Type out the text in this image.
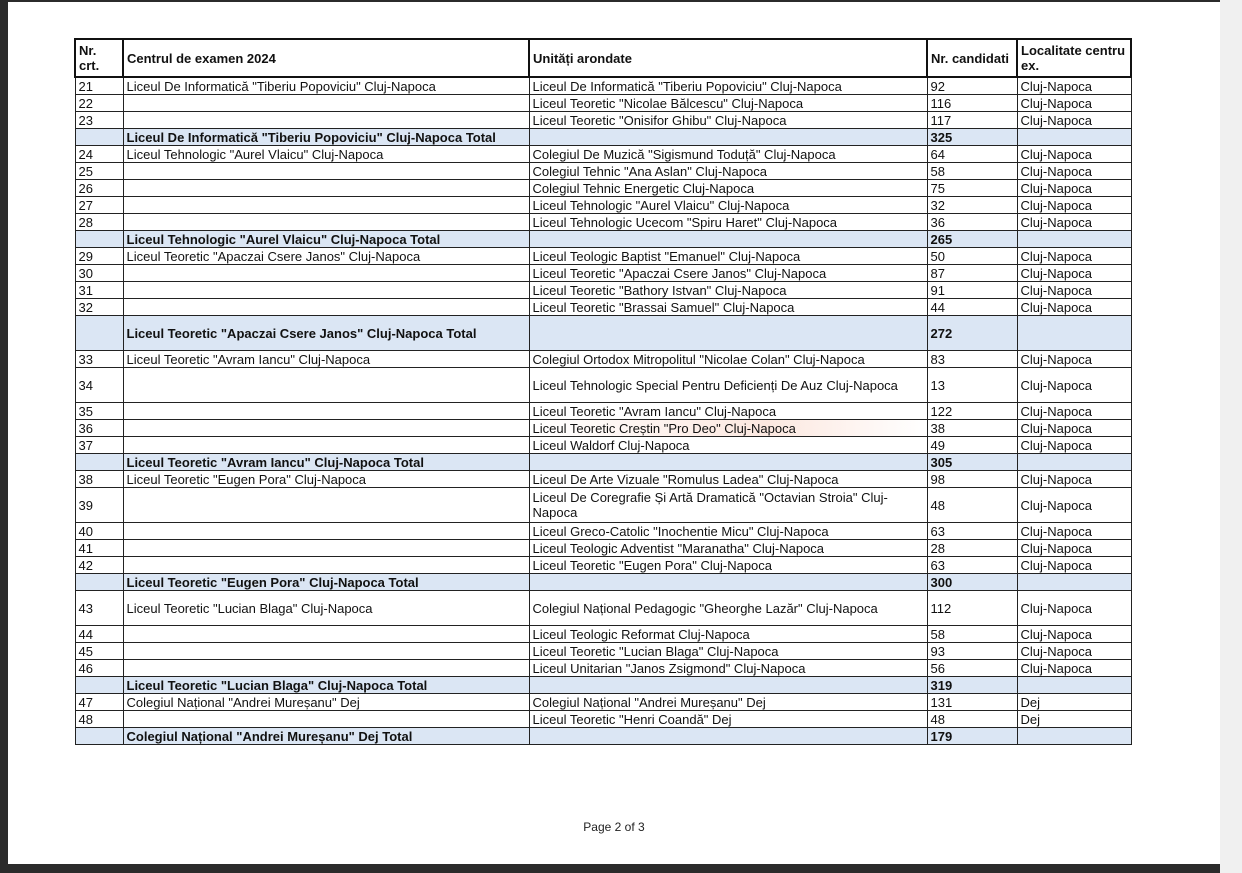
Nr. crt.	Centrul de examen 2024	Unități arondate	Nr. candidati	Localitate centru ex.
21	Liceul De Informatică "Tiberiu Popoviciu" Cluj-Napoca	Liceul De Informatică "Tiberiu Popoviciu" Cluj-Napoca	92	Cluj-Napoca
22		Liceul Teoretic "Nicolae Bălcescu" Cluj-Napoca	116	Cluj-Napoca
23		Liceul Teoretic "Onisifor Ghibu" Cluj-Napoca	117	Cluj-Napoca
	Liceul De Informatică "Tiberiu Popoviciu" Cluj-Napoca Total		325	
24	Liceul Tehnologic "Aurel Vlaicu" Cluj-Napoca	Colegiul De Muzică "Sigismund Toduță" Cluj-Napoca	64	Cluj-Napoca
25		Colegiul Tehnic "Ana Aslan" Cluj-Napoca	58	Cluj-Napoca
26		Colegiul Tehnic Energetic Cluj-Napoca	75	Cluj-Napoca
27		Liceul Tehnologic "Aurel Vlaicu" Cluj-Napoca	32	Cluj-Napoca
28		Liceul Tehnologic Ucecom "Spiru Haret" Cluj-Napoca	36	Cluj-Napoca
	Liceul Tehnologic "Aurel Vlaicu" Cluj-Napoca Total		265	
29	Liceul Teoretic "Apaczai Csere Janos" Cluj-Napoca	Liceul Teologic Baptist "Emanuel" Cluj-Napoca	50	Cluj-Napoca
30		Liceul Teoretic "Apaczai Csere Janos" Cluj-Napoca	87	Cluj-Napoca
31		Liceul Teoretic "Bathory Istvan" Cluj-Napoca	91	Cluj-Napoca
32		Liceul Teoretic "Brassai Samuel" Cluj-Napoca	44	Cluj-Napoca
	Liceul Teoretic "Apaczai Csere Janos" Cluj-Napoca Total		272	
33	Liceul Teoretic "Avram Iancu" Cluj-Napoca	Colegiul Ortodox Mitropolitul "Nicolae Colan" Cluj-Napoca	83	Cluj-Napoca
34		Liceul Tehnologic Special Pentru Deficienți De Auz Cluj-Napoca	13	Cluj-Napoca
35		Liceul Teoretic "Avram Iancu" Cluj-Napoca	122	Cluj-Napoca
36		Liceul Teoretic Creștin "Pro Deo" Cluj-Napoca	38	Cluj-Napoca
37		Liceul Waldorf Cluj-Napoca	49	Cluj-Napoca
	Liceul Teoretic "Avram Iancu" Cluj-Napoca Total		305	
38	Liceul Teoretic "Eugen Pora" Cluj-Napoca	Liceul De Arte Vizuale "Romulus Ladea" Cluj-Napoca	98	Cluj-Napoca
39		Liceul De Coregrafie Și Artă Dramatică "Octavian Stroia" Cluj-Napoca	48	Cluj-Napoca
40		Liceul Greco-Catolic "Inochentie Micu" Cluj-Napoca	63	Cluj-Napoca
41		Liceul Teologic Adventist "Maranatha" Cluj-Napoca	28	Cluj-Napoca
42		Liceul Teoretic "Eugen Pora" Cluj-Napoca	63	Cluj-Napoca
	Liceul Teoretic "Eugen Pora" Cluj-Napoca Total		300	
43	Liceul Teoretic "Lucian Blaga" Cluj-Napoca	Colegiul Național Pedagogic "Gheorghe Lazăr" Cluj-Napoca	112	Cluj-Napoca
44		Liceul Teologic Reformat Cluj-Napoca	58	Cluj-Napoca
45		Liceul Teoretic "Lucian Blaga" Cluj-Napoca	93	Cluj-Napoca
46		Liceul Unitarian "Janos Zsigmond" Cluj-Napoca	56	Cluj-Napoca
	Liceul Teoretic "Lucian Blaga" Cluj-Napoca Total		319	
47	Colegiul Național "Andrei Mureșanu" Dej	Colegiul Național "Andrei Mureșanu" Dej	131	Dej
48		Liceul Teoretic "Henri Coandă" Dej	48	Dej
	Colegiul Național "Andrei Mureșanu" Dej Total		179	
Page 2 of 3
